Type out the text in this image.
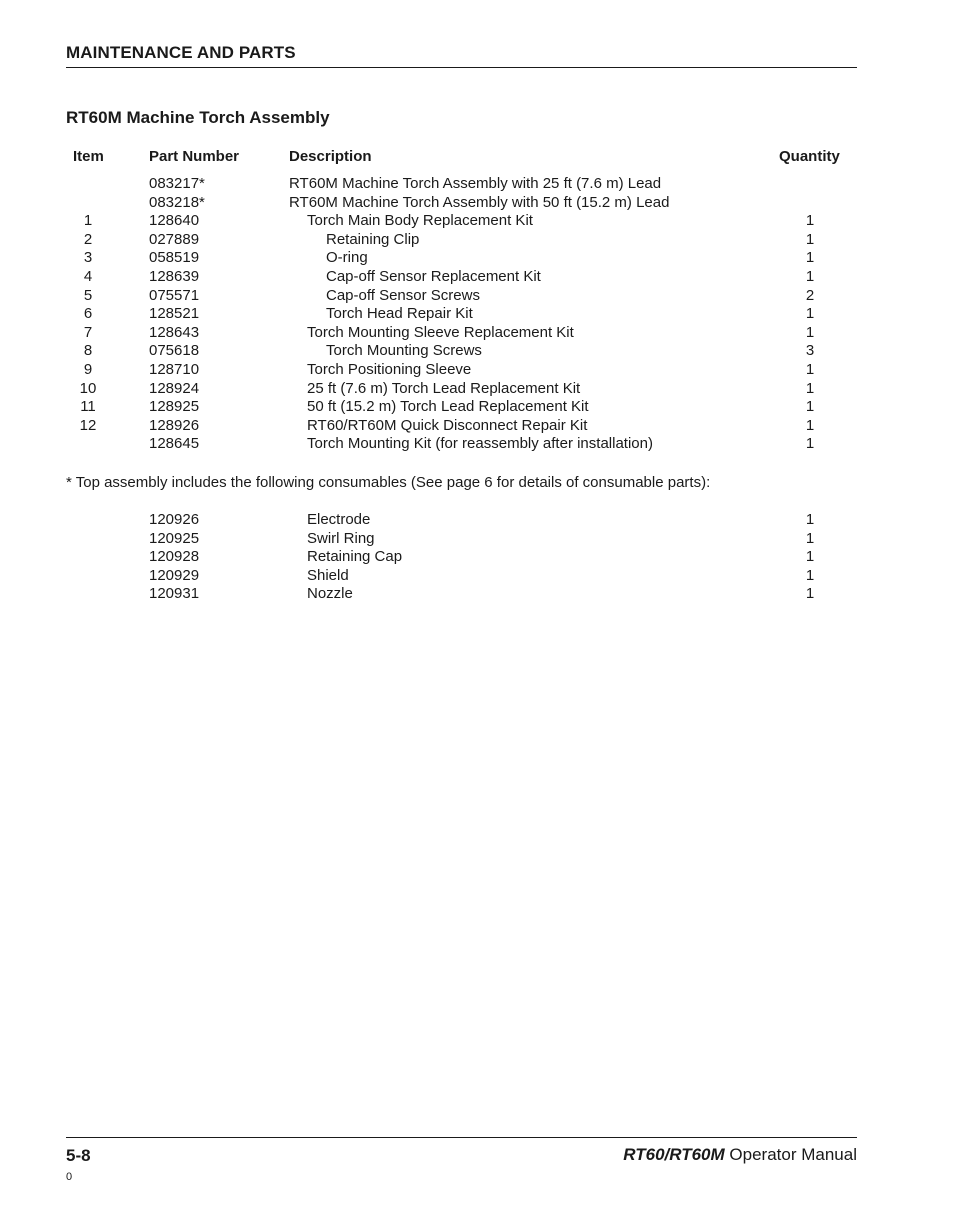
MAINTENANCE AND PARTS
RT60M Machine Torch Assembly
Item	Part Number	Description	Quantity
083217*	RT60M Machine Torch Assembly with 25 ft (7.6 m) Lead
083218*	RT60M Machine Torch Assembly with 50 ft (15.2 m) Lead
1	128640	Torch Main Body Replacement Kit	1
2	027889	Retaining Clip	1
3	058519	O-ring	1
4	128639	Cap-off Sensor Replacement Kit	1
5	075571	Cap-off Sensor Screws	2
6	128521	Torch Head Repair Kit	1
7	128643	Torch Mounting Sleeve Replacement Kit	1
8	075618	Torch Mounting Screws	3
9	128710	Torch Positioning Sleeve	1
10	128924	25 ft (7.6 m) Torch Lead Replacement Kit	1
11	128925	50 ft (15.2 m) Torch Lead Replacement Kit	1
12	128926	RT60/RT60M Quick Disconnect Repair Kit	1
128645	Torch Mounting Kit (for reassembly after installation)	1
* Top assembly includes the following consumables (See page 6 for details of consumable parts):
120926	Electrode	1
120925	Swirl Ring	1
120928	Retaining Cap	1
120929	Shield	1
120931	Nozzle	1
5-8
0
RT60/RT60M Operator Manual
